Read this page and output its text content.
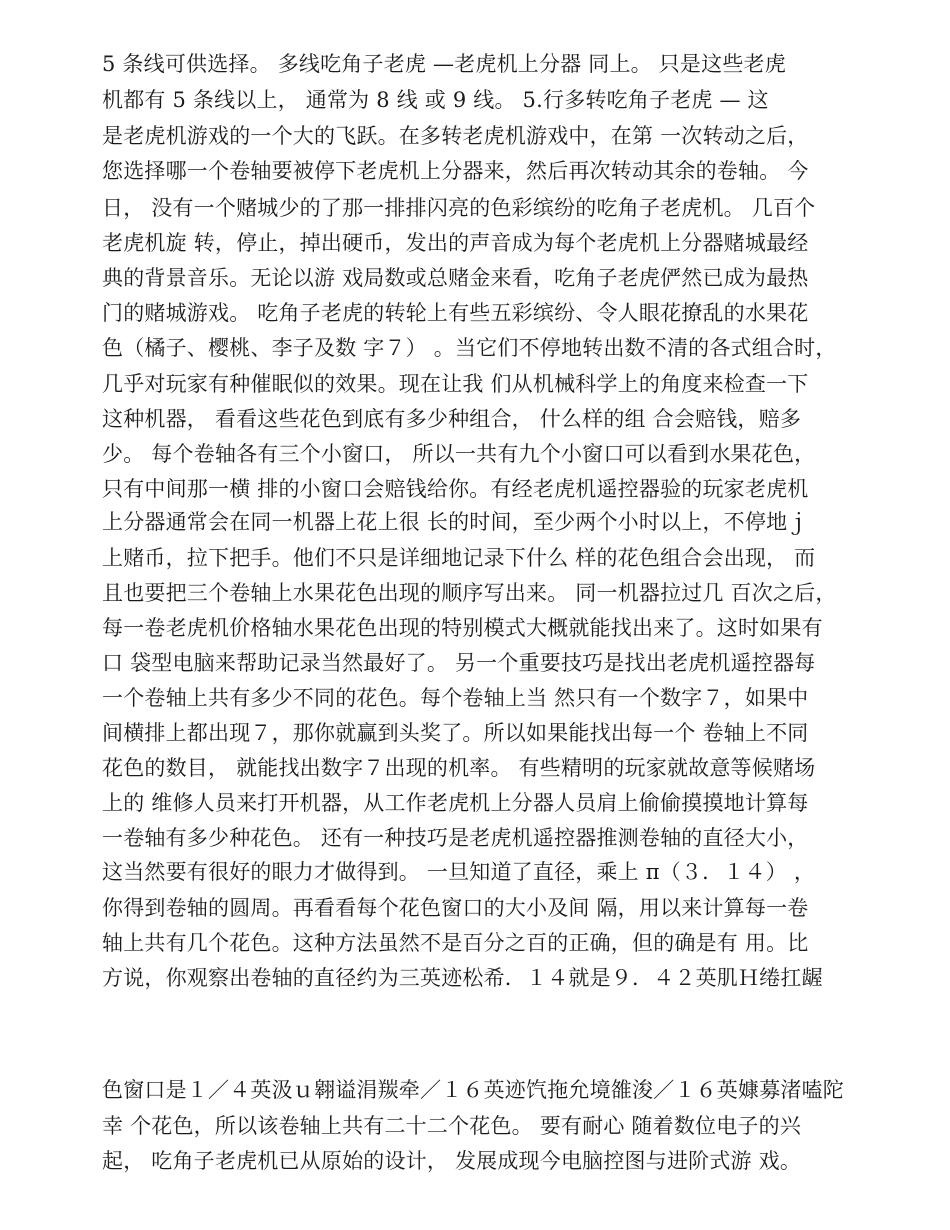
5 条线可供选择。 多线吃角子老虎 —老虎机上分器 同上。 只是这些老虎
机都有 5 条线以上， 通常为 8 线 或 9 线。 5.行多转吃角子老虎 — 这
是老虎机游戏的一个大的飞跃。在多转老虎机游戏中，在第 一次转动之后，
您选择哪一个卷轴要被停下老虎机上分器来，然后再次转动其余的卷轴。 今
日， 没有一个赌城少的了那一排排闪亮的色彩缤纷的吃角子老虎机。 几百个
老虎机旋 转，停止，掉出硬币，发出的声音成为每个老虎机上分器赌城最经
典的背景音乐。无论以游 戏局数或总赌金来看，吃角子老虎俨然已成为最热
门的赌城游戏。 吃角子老虎的转轮上有些五彩缤纷、令人眼花撩乱的水果花
色（橘子、樱桃、李子及数 字７） 。当它们不停地转出数不清的各式组合时，
几乎对玩家有种催眠似的效果。现在让我 们从机械科学上的角度来检查一下
这种机器， 看看这些花色到底有多少种组合， 什么样的组 合会赔钱，赔多
少。 每个卷轴各有三个小窗口， 所以一共有九个小窗口可以看到水果花色，
只有中间那一横 排的小窗口会赔钱给你。有经老虎机遥控器验的玩家老虎机
上分器通常会在同一机器上花上很 长的时间，至少两个小时以上，不停地ｊ
上赌币，拉下把手。他们不只是详细地记录下什么 样的花色组合会出现， 而
且也要把三个卷轴上水果花色出现的顺序写出来。 同一机器拉过几 百次之后，
每一卷老虎机价格轴水果花色出现的特别模式大概就能找出来了。这时如果有
口 袋型电脑来帮助记录当然最好了。 另一个重要技巧是找出老虎机遥控器每
一个卷轴上共有多少不同的花色。每个卷轴上当 然只有一个数字７，如果中
间横排上都出现７，那你就赢到头奖了。所以如果能找出每一个 卷轴上不同
花色的数目， 就能找出数字７出现的机率。 有些精明的玩家就故意等候赌场
上的 维修人员来打开机器，从工作老虎机上分器人员肩上偷偷摸摸地计算每
一卷轴有多少种花色。 还有一种技巧是老虎机遥控器推测卷轴的直径大小，
这当然要有很好的眼力才做得到。 一旦知道了直径，乘上 π（３．１４） ，
你得到卷轴的圆周。再看看每个花色窗口的大小及间 隔，用以来计算每一卷
轴上共有几个花色。这种方法虽然不是百分之百的正确，但的确是有 用。比
方说，你观察出卷轴的直径约为三英迹松希．１４就是９．４２英肌Ｈ绻扛龌
色窗口是１／４英汲ｕ翱谥涓羰牵／１６英迹饩拖允境雒浚／１６英嫝募渚嗑陀
幸 个花色，所以该卷轴上共有二十二个花色。 要有耐心 随着数位电子的兴
起， 吃角子老虎机已从原始的设计， 发展成现今电脑控图与进阶式游 戏。
